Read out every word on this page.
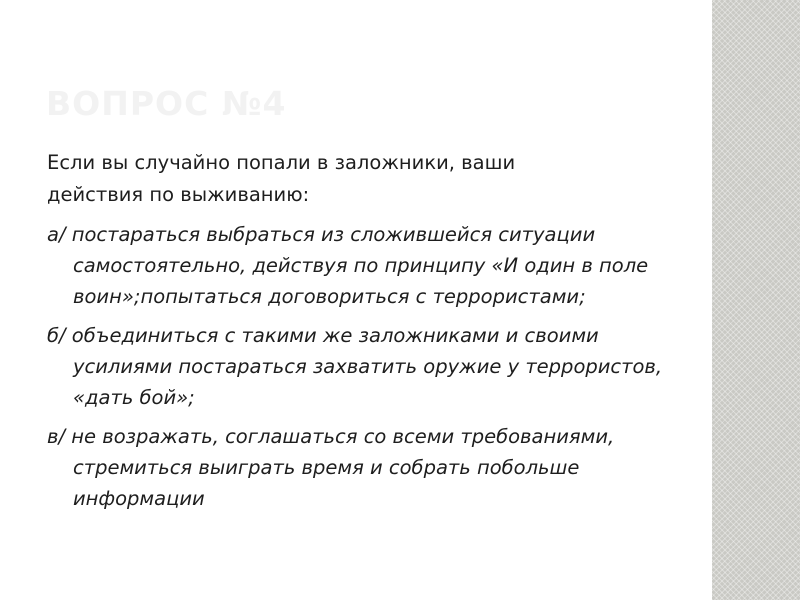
ВОПРОС №4

Если вы случайно попали в заложники, ваши

действия по выживанию:

а/ постараться выбраться из сложившейся ситуации самостоятельно, действуя по принципу «И один в поле воин»;попытаться договориться с террористами;

б/ объединиться с такими же заложниками и своими усилиями постараться захватить оружие у террористов, «дать бой»;

в/ не возражать, соглашаться со всеми требованиями, стремиться выиграть время и собрать побольше информации
